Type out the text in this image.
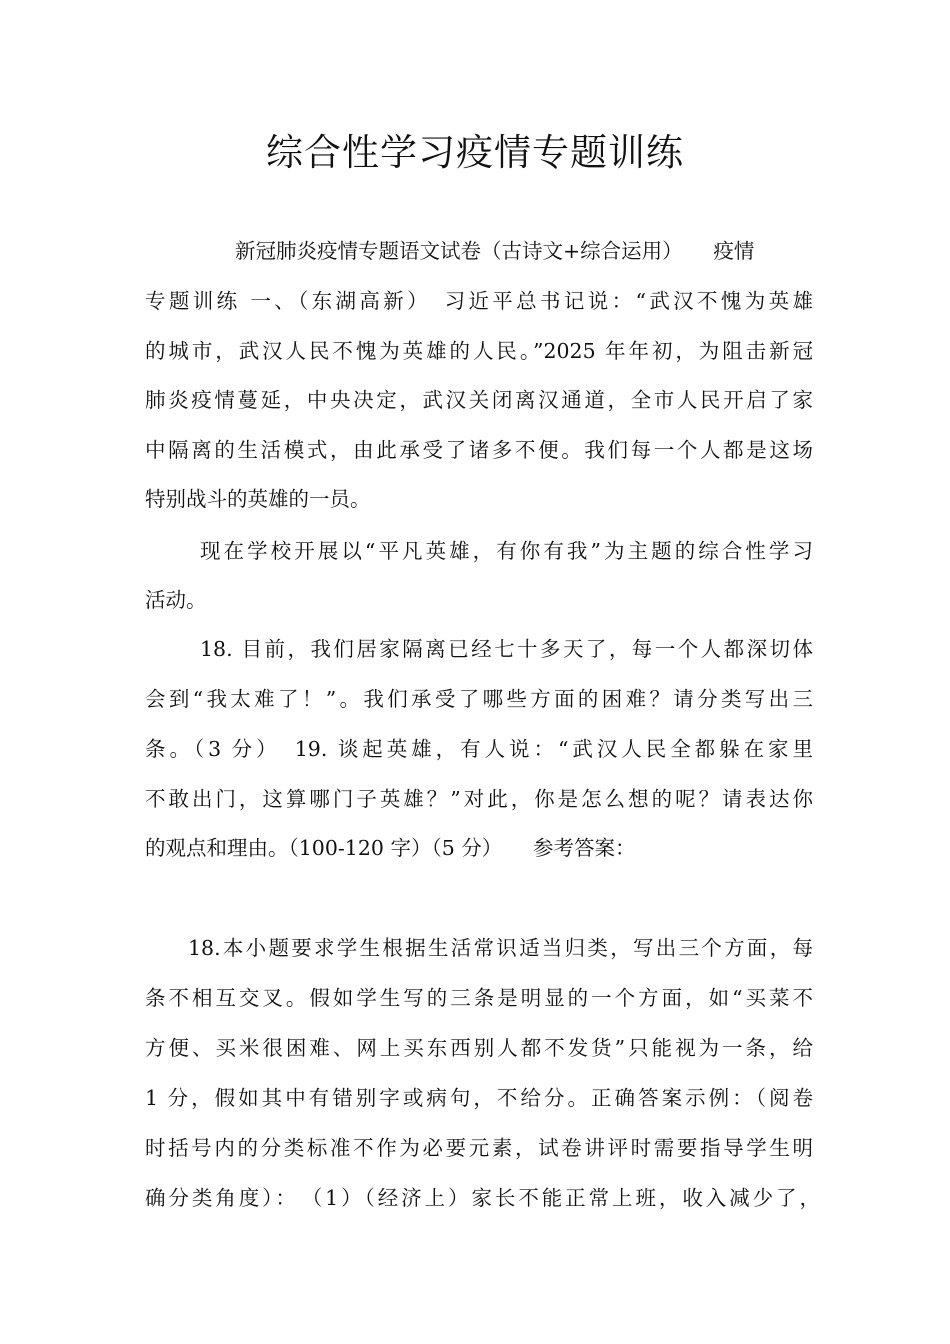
综合性学习疫情专题训练
新冠肺炎疫情专题语文试卷（古诗文+综合运用）　　疫情
专题训练 一、（东湖高新）　习近平总书记说：“武汉不愧为英雄
的城市，武汉人民不愧为英雄的人民。”2025 年年初，为阻击新冠
肺炎疫情蔓延，中央决定，武汉关闭离汉通道，全市人民开启了家
中隔离的生活模式，由此承受了诸多不便。我们每一个人都是这场
特别战斗的英雄的一员。
现在学校开展以“平凡英雄，有你有我”为主题的综合性学习
活动。
18. 目前，我们居家隔离已经七十多天了，每一个人都深切体
会到“我太难了！”。我们承受了哪些方面的困难？请分类写出三
条。（3 分）　19. 谈起英雄，有人说：“武汉人民全都躲在家里
不敢出门，这算哪门子英雄？”对此，你是怎么想的呢？请表达你
的观点和理由。（100-120 字）（5 分）　　参考答案：
18.本小题要求学生根据生活常识适当归类，写出三个方面，每
条不相互交叉。假如学生写的三条是明显的一个方面，如“买菜不
方便、买米很困难、网上买东西别人都不发货”只能视为一条，给
1 分，假如其中有错别字或病句，不给分。正确答案示例：（阅卷
时括号内的分类标准不作为必要元素，试卷讲评时需要指导学生明
确分类角度）：　（1）（经济上）家长不能正常上班，收入减少了，
